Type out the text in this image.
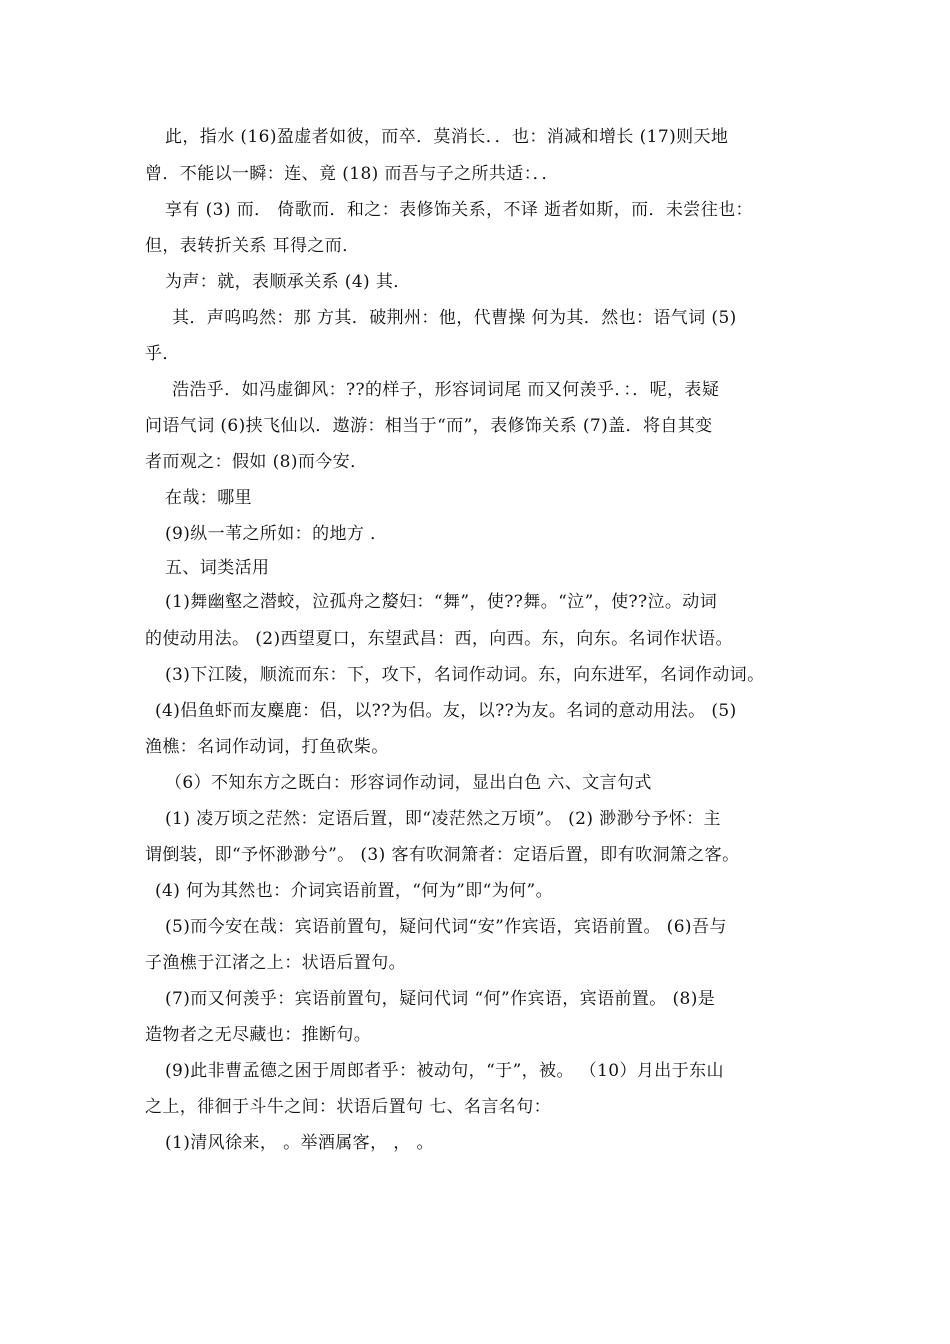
此，指水 (16)盈虚者如彼，而卒．莫消长．．也：消减和增长 (17)则天地
曾．不能以一瞬：连、竟 (18) 而吾与子之所共适：．．
享有 (3) 而． 倚歌而．和之：表修饰关系，不译 逝者如斯，而．未尝往也：
但，表转折关系 耳得之而．
为声：就，表顺承关系 (4) 其．
其．声呜呜然：那 方其．破荆州：他，代曹操 何为其．然也：语气词 (5)
乎．
浩浩乎．如冯虚御风：??的样子，形容词词尾 而又何羡乎．：．呢，表疑
问语气词 (6)挟飞仙以．遨游：相当于“而”，表修饰关系 (7)盖．将自其变
者而观之：假如 (8)而今安．
在哉：哪里
(9)纵一苇之所如：的地方 ．
五、词类活用
(1)舞幽壑之潜蛟，泣孤舟之嫠妇：“舞”，使??舞。“泣”，使??泣。动词
的使动用法。 (2)西望夏口，东望武昌：西，向西。东，向东。名词作状语。
(3)下江陵，顺流而东：下，攻下，名词作动词。东，向东进军，名词作动词。
(4)侣鱼虾而友麋鹿：侣，以??为侣。友，以??为友。名词的意动用法。 (5)
渔樵：名词作动词，打鱼砍柴。
（6）不知东方之既白：形容词作动词，显出白色 六、文言句式
(1) 凌万顷之茫然：定语后置，即“凌茫然之万顷”。 (2) 渺渺兮予怀：主
谓倒装，即“予怀渺渺兮”。 (3) 客有吹洞箫者：定语后置，即有吹洞箫之客。
(4) 何为其然也：介词宾语前置，“何为”即“为何”。
(5)而今安在哉：宾语前置句，疑问代词“安”作宾语，宾语前置。 (6)吾与
子渔樵于江渚之上：状语后置句。
(7)而又何羡乎：宾语前置句，疑问代词 “何”作宾语，宾语前置。 (8)是
造物者之无尽藏也：推断句。
(9)此非曹孟德之困于周郎者乎：被动句，“于”，被。 （10）月出于东山
之上，徘徊于斗牛之间：状语后置句 七、名言名句：
(1)清风徐来， 。举酒属客， ， 。
